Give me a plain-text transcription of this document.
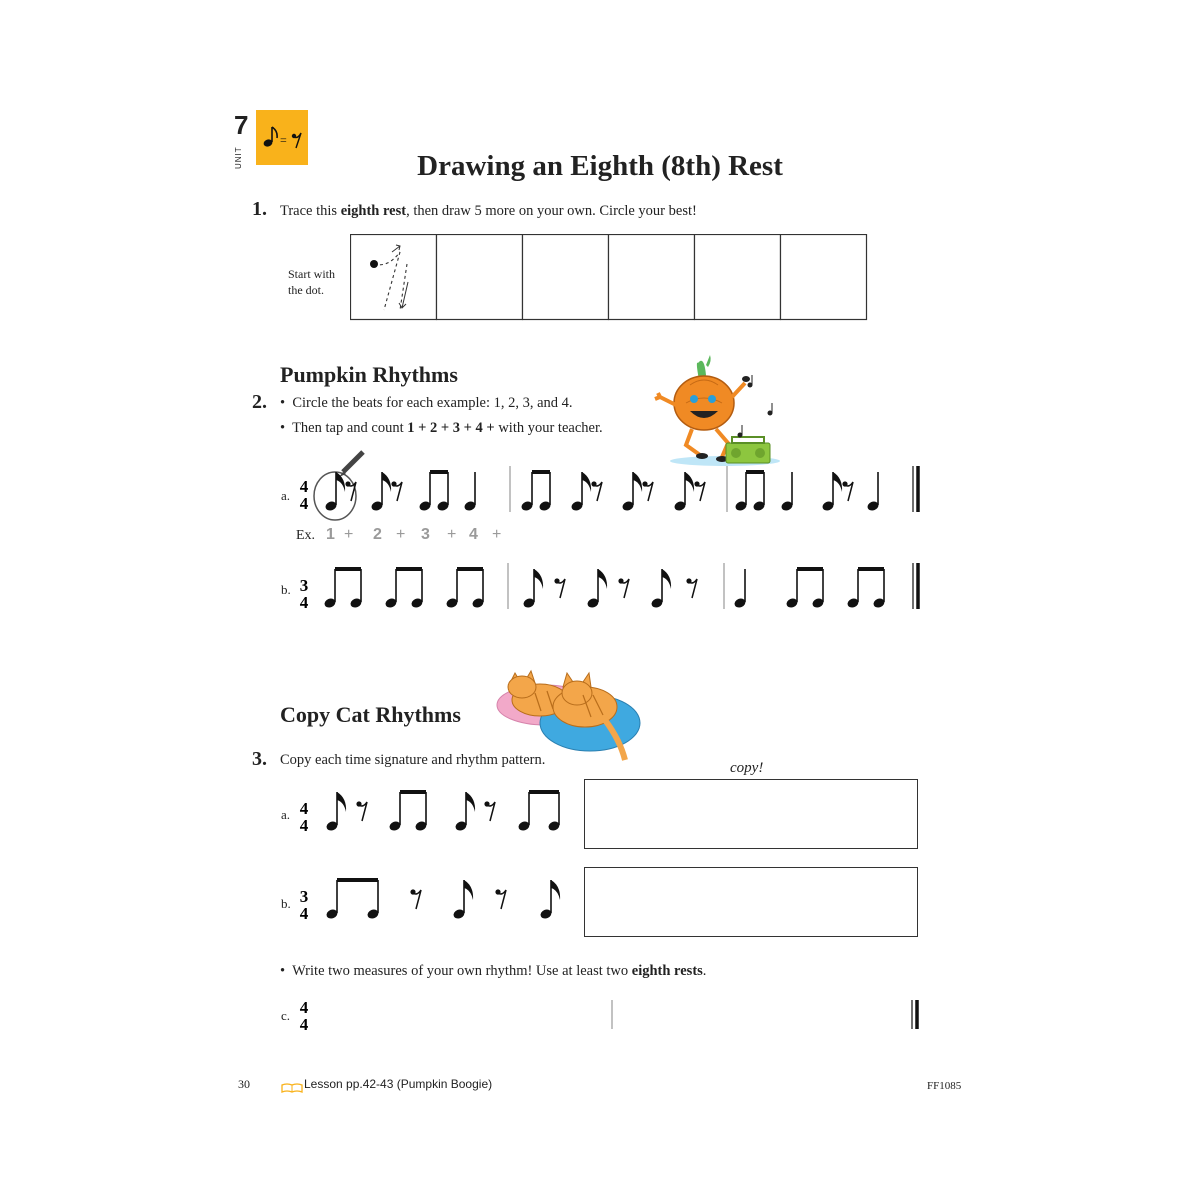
7
UNIT
=
Drawing an Eighth (8th) Rest
1. Trace this eighth rest, then draw 5 more on your own. Circle your best!
Start with
the dot.
Pumpkin Rhythms
2. •  Circle the beats for each example: 1, 2, 3, and 4.
•  Then tap and count 1 + 2 + 3 + 4 + with your teacher.
a. 4
4
Ex. 1 + 2 + 3 + 4 +
b. 3
4
Copy Cat Rhythms
3. Copy each time signature and rhythm pattern.	copy!
a. 4
4
b. 3
4
•  Write two measures of your own rhythm! Use at least two eighth rests.
c. 4
4
30	Lesson pp.42-43 (Pumpkin Boogie)	FF1085
